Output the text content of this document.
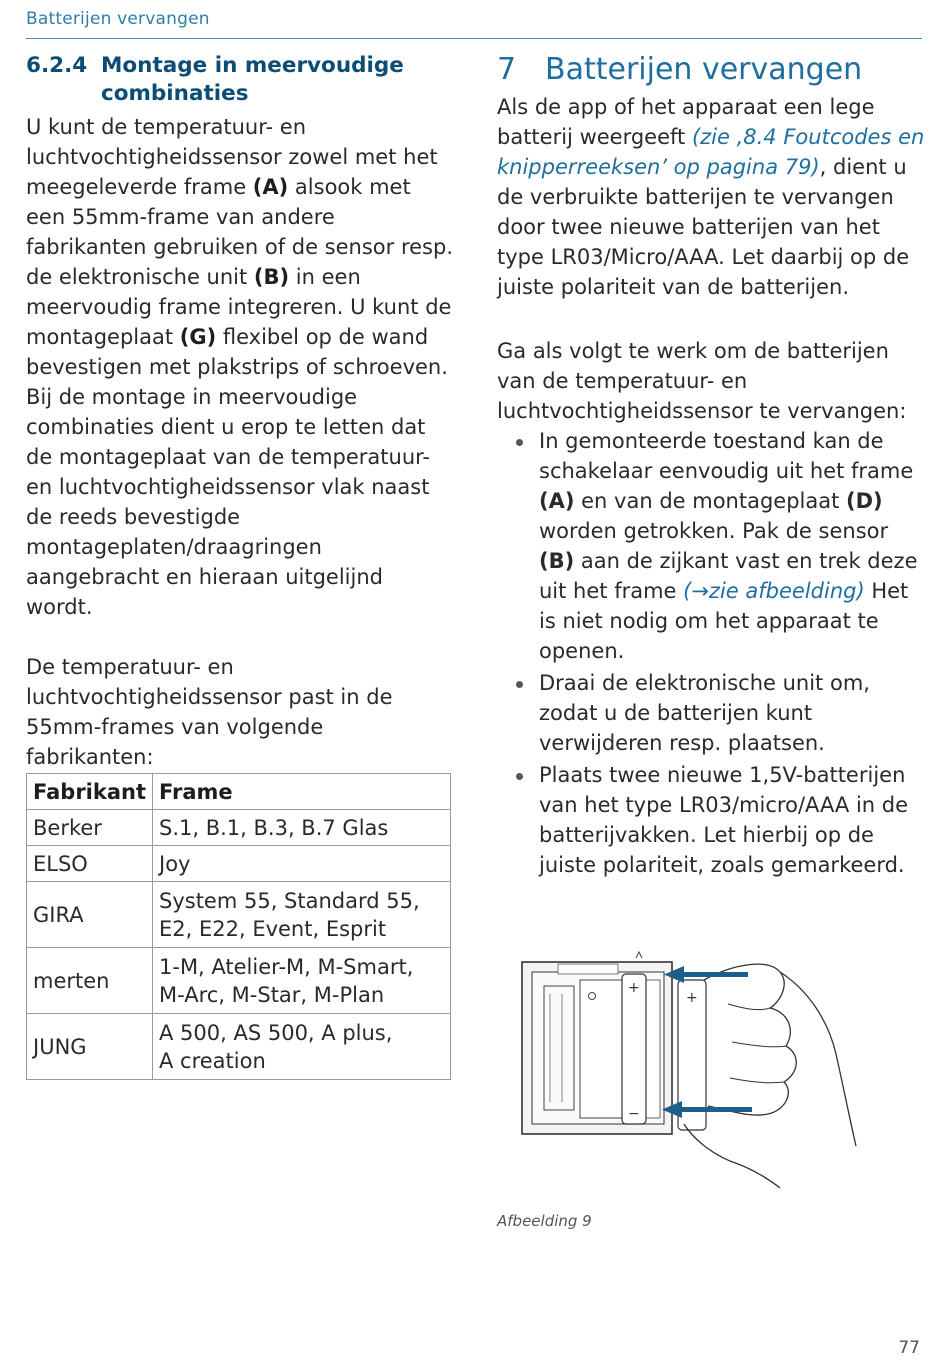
Batterijen vervangen
6.2.4 Montage in meervoudige combinaties

U kunt de temperatuur- en luchtvochtigheidssensor zowel met het meegeleverde frame (A) alsook met een 55mm-frame van andere fabrikanten gebruiken of de sensor resp. de elektronische unit (B) in een meervoudig frame integreren. U kunt de montageplaat (G) flexibel op de wand bevestigen met plakstrips of schroeven. Bij de montage in meervoudige combinaties dient u erop te letten dat de montageplaat van de temperatuur- en luchtvochtigheidssensor vlak naast de reeds bevestigde montageplaten/draagringen aangebracht en hieraan uitgelijnd wordt.

De temperatuur- en luchtvochtigheidssensor past in de 55mm-frames van volgende fabrikanten:

Fabrikant	Frame
Berker	S.1, B.1, B.3, B.7 Glas
ELSO	Joy
GIRA	System 55, Standard 55,
E2, E22, Event, Esprit

merten	1-M, Atelier-M, M-Smart,
M-Arc, M-Star, M-Plan

JUNG	A 500, AS 500, A plus,
A creation
7 Batterijen vervangen

Als de app of het apparaat een lege batterij weergeeft (zie ‚8.4 Foutcodes en knipperreeksen’ op pagina 79), dient u de verbruikte batterijen te vervangen door twee nieuwe batterijen van het type LR03/Micro/AAA. Let daarbij op de juiste polariteit van de batterijen.

Ga als volgt te werk om de batterijen van de temperatuur- en luchtvochtigheidssensor te vervangen:

In gemonteerde toestand kan de schakelaar eenvoudig uit het frame (A) en van de montageplaat (D) worden getrokken. Pak de sensor (B) aan de zijkant vast en trek deze uit het frame (→zie afbeelding) Het is niet nodig om het apparaat te openen.
Draai de elektronische unit om, zodat u de batterijen kunt verwijderen resp. plaatsen.
Plaats twee nieuwe 1,5V-batterijen van het type LR03/micro/AAA in de batterijvakken. Let hierbij op de juiste polariteit, zoals gemarkeerd.
+
−
+
Afbeelding 9
77
